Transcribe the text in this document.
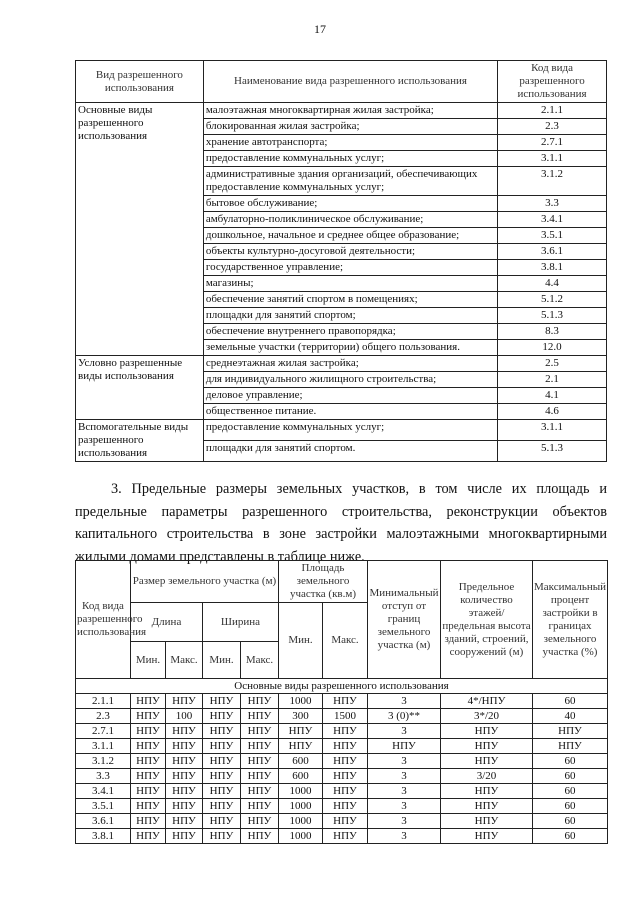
17
Вид разрешенного использования	Наименование вида разрешенного использования	Код вида разрешенного использования
Основные виды разрешенного использования	малоэтажная многоквартирная жилая застройка;	2.1.1
	блокированная жилая застройка;	2.3
	хранение автотранспорта;	2.7.1
	предоставление коммунальных услуг;	3.1.1
	административные здания организаций, обеспечивающих предоставление коммунальных услуг;	3.1.2
	бытовое обслуживание;	3.3
	амбулаторно-поликлиническое обслуживание;	3.4.1
	дошкольное, начальное и среднее общее образование;	3.5.1
	объекты культурно-досуговой деятельности;	3.6.1
	государственное управление;	3.8.1
	магазины;	4.4
	обеспечение занятий спортом в помещениях;	5.1.2
	площадки для занятий спортом;	5.1.3
	обеспечение внутреннего правопорядка;	8.3
	земельные участки (территории) общего пользования.	12.0
Условно разрешенные виды использования	среднеэтажная жилая застройка;	2.5
	для индивидуального жилищного строительства;	2.1
	деловое управление;	4.1
	общественное питание.	4.6
Вспомогательные виды разрешенного использования	предоставление коммунальных услуг;	3.1.1
	площадки для занятий спортом.	5.1.3
3. Предельные размеры земельных участков, в том числе их площадь и предельные параметры разрешенного строительства, реконструкции объектов капитального строительства в зоне застройки малоэтажными многоквартирными жилыми домами представлены в таблице ниже.
Код вида разрешенного использования	Размер земельного участка (м)				Площадь земельного участка (кв.м)		Минимальный отступ от границ земельного участка (м)	Предельное количество этажей/ предельная высота зданий, строений, сооружений (м)	Максимальный процент застройки в границах земельного участка (%)
	Длина		Ширина		Мин.	Макс.			
	Мин.	Макс.	Мин.	Макс.					
Основные виды разрешенного использования									
2.1.1	НПУ	НПУ	НПУ	НПУ	1000	НПУ	3	4*/НПУ	60
2.3	НПУ	100	НПУ	НПУ	300	1500	3 (0)**	3*/20	40
2.7.1	НПУ	НПУ	НПУ	НПУ	НПУ	НПУ	3	НПУ	НПУ
3.1.1	НПУ	НПУ	НПУ	НПУ	НПУ	НПУ	НПУ	НПУ	НПУ
3.1.2	НПУ	НПУ	НПУ	НПУ	600	НПУ	3	НПУ	60
3.3	НПУ	НПУ	НПУ	НПУ	600	НПУ	3	3/20	60
3.4.1	НПУ	НПУ	НПУ	НПУ	1000	НПУ	3	НПУ	60
3.5.1	НПУ	НПУ	НПУ	НПУ	1000	НПУ	3	НПУ	60
3.6.1	НПУ	НПУ	НПУ	НПУ	1000	НПУ	3	НПУ	60
3.8.1	НПУ	НПУ	НПУ	НПУ	1000	НПУ	3	НПУ	60
